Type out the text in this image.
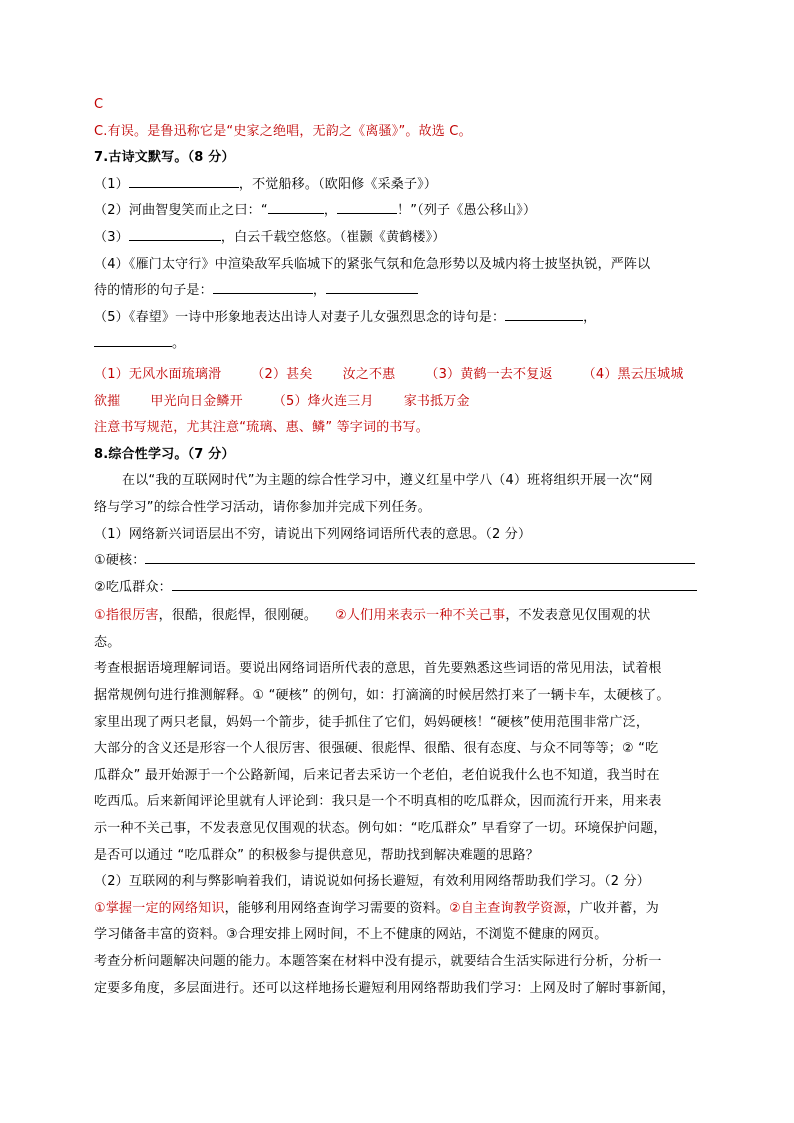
C
C.有误。是鲁迅称它是“史家之绝唱，无韵之《离骚》”。故选 C。
7.古诗文默写。（8 分）
（1）	，不觉船移。（欧阳修《采桑子》）
（2）河曲智叟笑而止之曰：“	，	！”（列子《愚公移山》）
（3）	，白云千载空悠悠。（崔颢《黄鹤楼》）
（4）《雁门太守行》中渲染敌军兵临城下的紧张气氛和危急形势以及城内将士披坚执锐，严阵以
待的情形的句子是：	，
（5）《春望》一诗中形象地表达出诗人对妻子儿女强烈思念的诗句是：	，
。
（1）无风水面琉璃滑 （2）甚矣 汝之不惠 （3）黄鹤一去不复返 （4）黑云压城城
欲摧 甲光向日金鳞开 （5）烽火连三月 家书抵万金
注意书写规范，尤其注意“琉璃、惠、鳞” 等字词的书写。
8.综合性学习。（7 分）
在以“我的互联网时代”为主题的综合性学习中，遵义红星中学八（4）班将组织开展一次“网
络与学习”的综合性学习活动，请你参加并完成下列任务。
（1）网络新兴词语层出不穷，请说出下列网络词语所代表的意思。（2 分）
①硬核：
②吃瓜群众：
①指很厉害，很酷，很彪悍，很刚硬。 ②人们用来表示一种不关己事，不发表意见仅围观的状
态。
考查根据语境理解词语。要说出网络词语所代表的意思，首先要熟悉这些词语的常见用法，试着根
据常规例句进行推测解释。① “硬核” 的例句，如：打滴滴的时候居然打来了一辆卡车，太硬核了。
家里出现了两只老鼠，妈妈一个箭步，徒手抓住了它们，妈妈硬核！“硬核”使用范围非常广泛，
大部分的含义还是形容一个人很厉害、很强硬、很彪悍、很酷、很有态度、与众不同等等；② “吃
瓜群众” 最开始源于一个公路新闻，后来记者去采访一个老伯，老伯说我什么也不知道，我当时在
吃西瓜。后来新闻评论里就有人评论到：我只是一个不明真相的吃瓜群众，因而流行开来，用来表
示一种不关己事，不发表意见仅围观的状态。例句如：“吃瓜群众” 早看穿了一切。环境保护问题，
是否可以通过 “吃瓜群众” 的积极参与提供意见，帮助找到解决难题的思路？
（2）互联网的利与弊影响着我们，请说说如何扬长避短，有效利用网络帮助我们学习。（2 分）
①掌握一定的网络知识，能够利用网络查询学习需要的资料。②自主查询教学资源，广收并蓄，为
学习储备丰富的资料。③合理安排上网时间，不上不健康的网站，不浏览不健康的网页。
考查分析问题解决问题的能力。本题答案在材料中没有提示，就要结合生活实际进行分析，分析一
定要多角度，多层面进行。还可以这样地扬长避短利用网络帮助我们学习：上网及时了解时事新闻，
